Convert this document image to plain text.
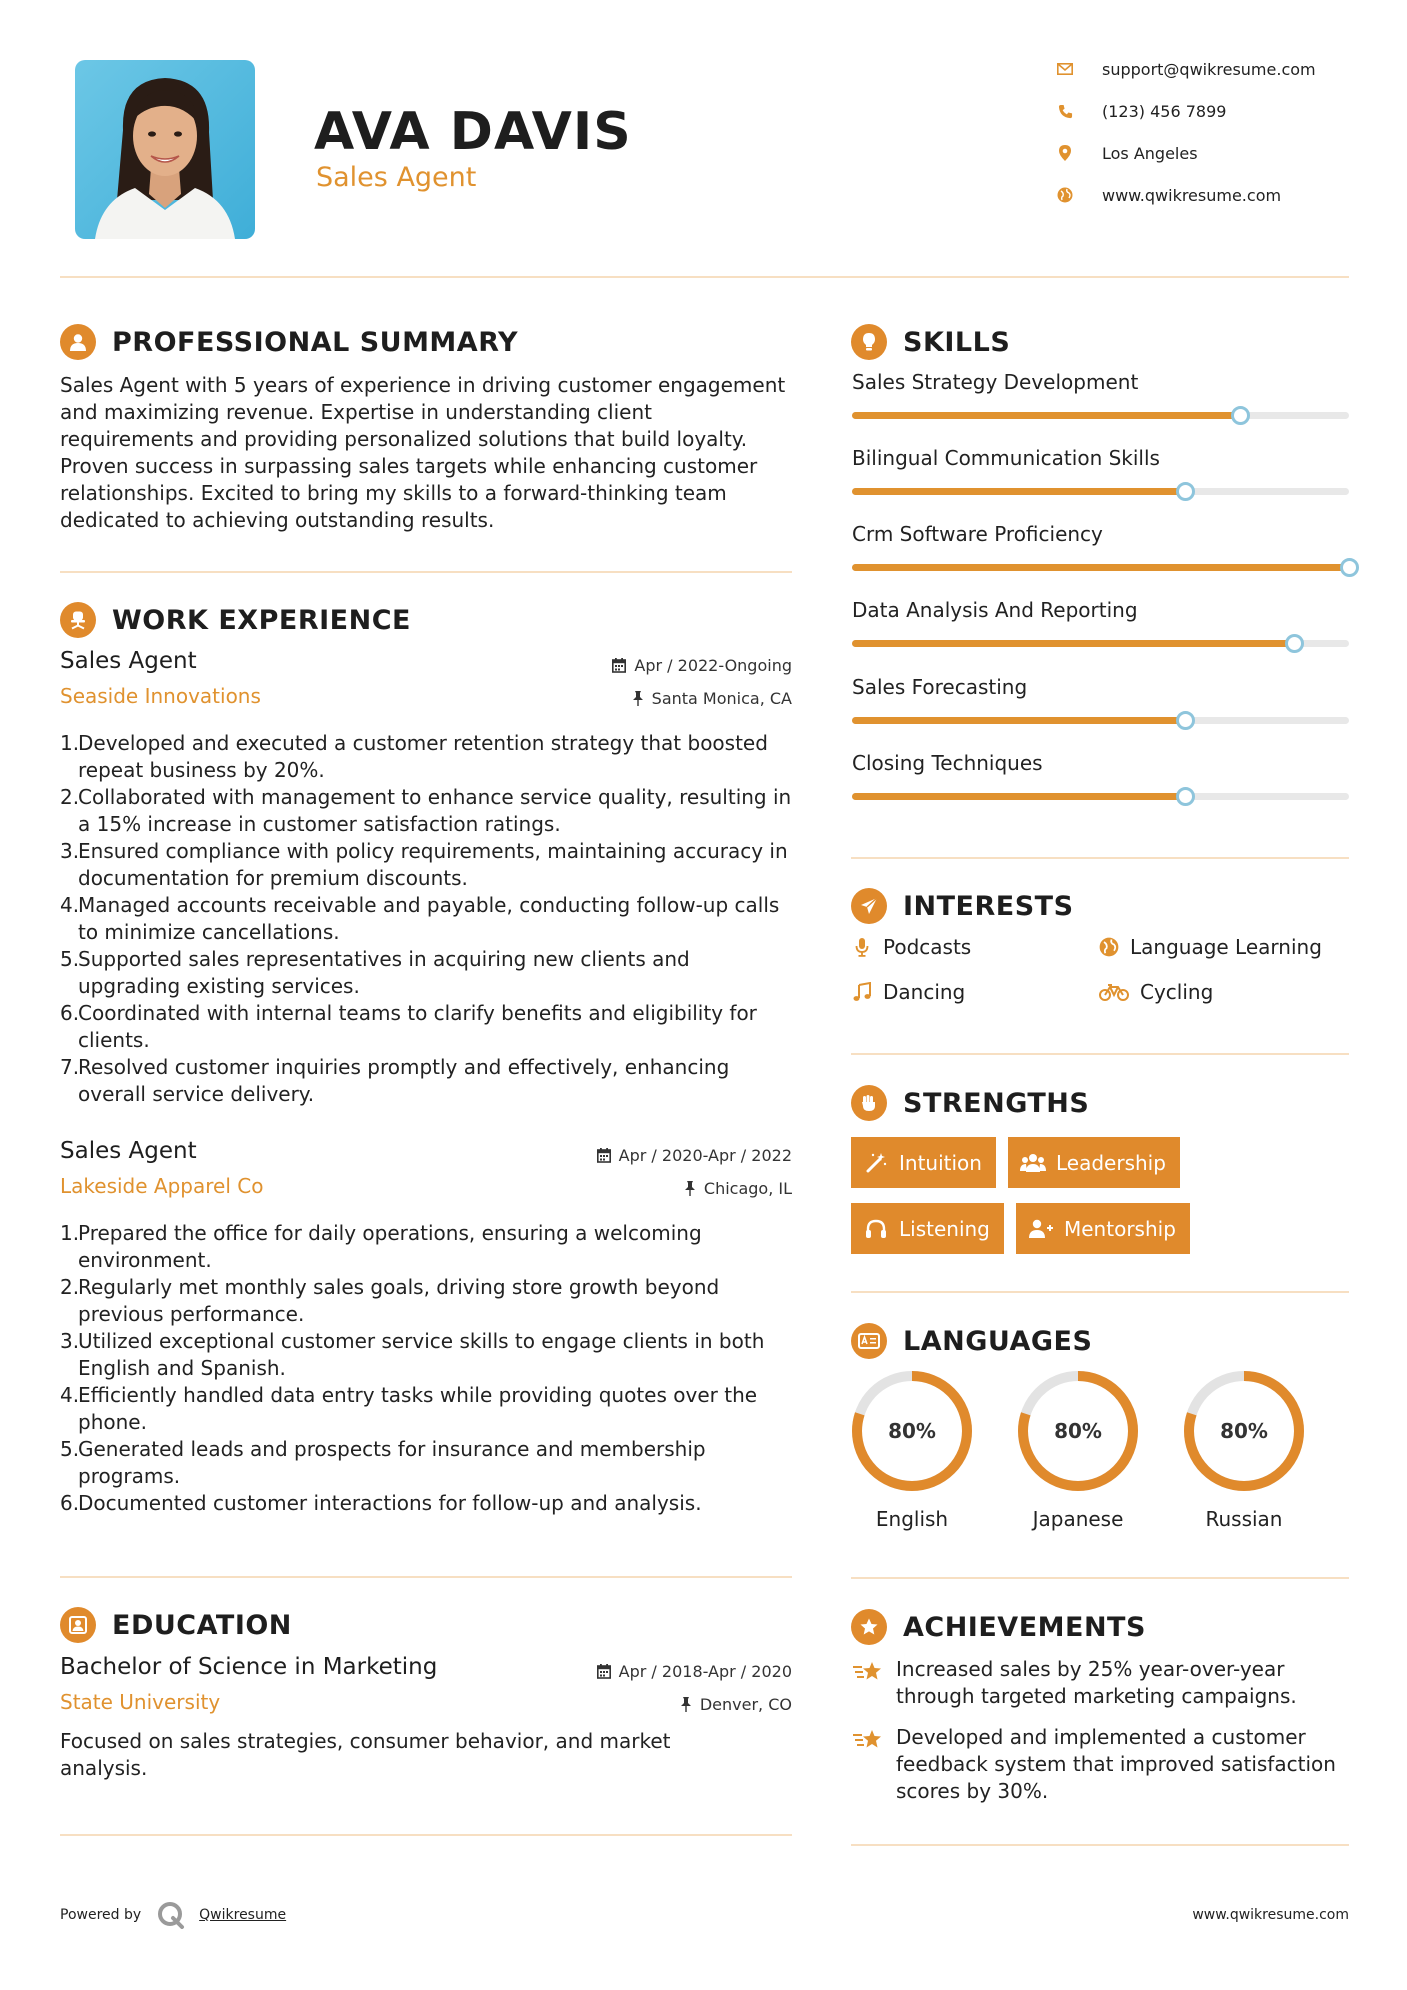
AVA DAVIS
Sales Agent
support@qwikresume.com
(123) 456 7899
Los Angeles
www.qwikresume.com
PROFESSIONAL SUMMARY
Sales Agent with 5 years of experience in driving customer engagement and maximizing revenue. Expertise in understanding client requirements and providing personalized solutions that build loyalty. Proven success in surpassing sales targets while enhancing customer relationships. Excited to bring my skills to a forward-thinking team dedicated to achieving outstanding results.
WORK EXPERIENCE
Sales Agent
Seaside Innovations
Apr / 2022-Ongoing
Santa Monica, CA
1.
Developed and executed a customer retention strategy that boosted repeat business by 20%.
2.
Collaborated with management to enhance service quality, resulting in a 15% increase in customer satisfaction ratings.
3.
Ensured compliance with policy requirements, maintaining accuracy in documentation for premium discounts.
4.
Managed accounts receivable and payable, conducting follow-up calls to minimize cancellations.
5.
Supported sales representatives in acquiring new clients and upgrading existing services.
6.
Coordinated with internal teams to clarify benefits and eligibility for clients.
7.
Resolved customer inquiries promptly and effectively, enhancing overall service delivery.
Sales Agent
Lakeside Apparel Co
Apr / 2020-Apr / 2022
Chicago, IL
1.
Prepared the office for daily operations, ensuring a welcoming environment.
2.
Regularly met monthly sales goals, driving store growth beyond previous performance.
3.
Utilized exceptional customer service skills to engage clients in both English and Spanish.
4.
Efficiently handled data entry tasks while providing quotes over the phone.
5.
Generated leads and prospects for insurance and membership programs.
6.
Documented customer interactions for follow-up and analysis.
EDUCATION
Bachelor of Science in Marketing
State University
Apr / 2018-Apr / 2020
Denver, CO
Focused on sales strategies, consumer behavior, and market analysis.
SKILLS
Sales Strategy Development
Bilingual Communication Skills
Crm Software Proficiency
Data Analysis And Reporting
Sales Forecasting
Closing Techniques
INTERESTS
Podcasts	Language Learning
Dancing	Cycling
STRENGTHS
Intuition	Leadership
Listening	Mentorship
LANGUAGES
80%
English
80%
Japanese
80%
Russian
ACHIEVEMENTS
Increased sales by 25% year-over-year through targeted marketing campaigns.
Developed and implemented a customer feedback system that improved satisfaction scores by 30%.
Powered by	Qwikresume	www.qwikresume.com
